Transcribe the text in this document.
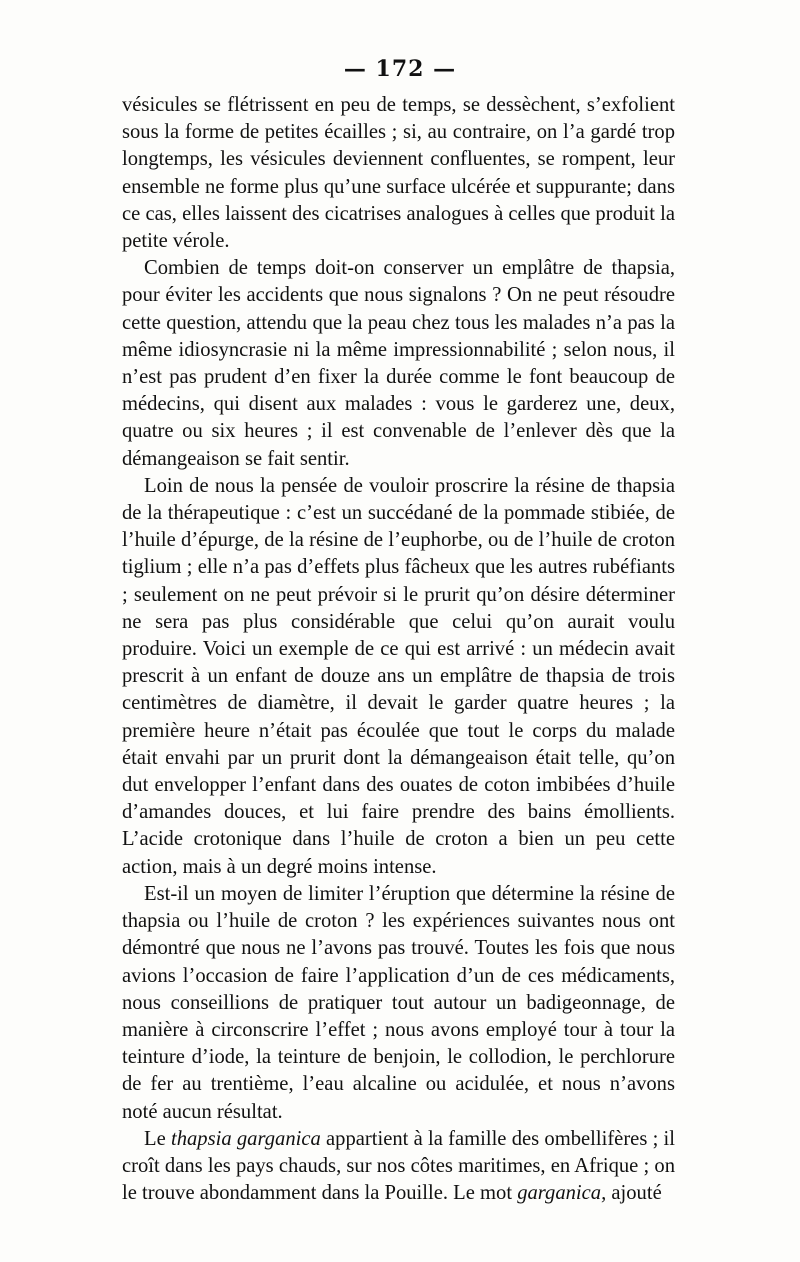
— 172 —

vésicules se flétrissent en peu de temps, se dessèchent, s’exfolient sous la forme de petites écailles ; si, au contraire, on l’a gardé trop longtemps, les vésicules deviennent confluentes, se rompent, leur ensemble ne forme plus qu’une surface ulcérée et suppurante; dans ce cas, elles laissent des cicatrises analogues à celles que produit la petite vérole.

Combien de temps doit-on conserver un emplâtre de thapsia, pour éviter les accidents que nous signalons ? On ne peut résoudre cette question, attendu que la peau chez tous les malades n’a pas la même idiosyncrasie ni la même impressionnabilité ; selon nous, il n’est pas prudent d’en fixer la durée comme le font beaucoup de médecins, qui disent aux malades : vous le garderez une, deux, quatre ou six heures ; il est convenable de l’enlever dès que la démangeaison se fait sentir.

Loin de nous la pensée de vouloir proscrire la résine de thapsia de la thérapeutique : c’est un succédané de la pommade stibiée, de l’huile d’épurge, de la résine de l’euphorbe, ou de l’huile de croton tiglium ; elle n’a pas d’effets plus fâcheux que les autres rubéfiants ; seulement on ne peut prévoir si le prurit qu’on désire déterminer ne sera pas plus considérable que celui qu’on aurait voulu produire. Voici un exemple de ce qui est arrivé : un médecin avait prescrit à un enfant de douze ans un emplâtre de thapsia de trois centimètres de diamètre, il devait le garder quatre heures ; la première heure n’était pas écoulée que tout le corps du malade était envahi par un prurit dont la démangeaison était telle, qu’on dut envelopper l’enfant dans des ouates de coton imbibées d’huile d’amandes douces, et lui faire prendre des bains émollients. L’acide crotonique dans l’huile de croton a bien un peu cette action, mais à un degré moins intense.

Est-il un moyen de limiter l’éruption que détermine la résine de thapsia ou l’huile de croton ? les expériences suivantes nous ont démontré que nous ne l’avons pas trouvé. Toutes les fois que nous avions l’occasion de faire l’application d’un de ces médicaments, nous conseillions de pratiquer tout autour un badigeonnage, de manière à circonscrire l’effet ; nous avons employé tour à tour la teinture d’iode, la teinture de benjoin, le collodion, le perchlorure de fer au trentième, l’eau alcaline ou acidulée, et nous n’avons noté aucun résultat.

Le thapsia garganica appartient à la famille des ombellifères ; il croît dans les pays chauds, sur nos côtes maritimes, en Afrique ; on le trouve abondamment dans la Pouille. Le mot garganica, ajouté
